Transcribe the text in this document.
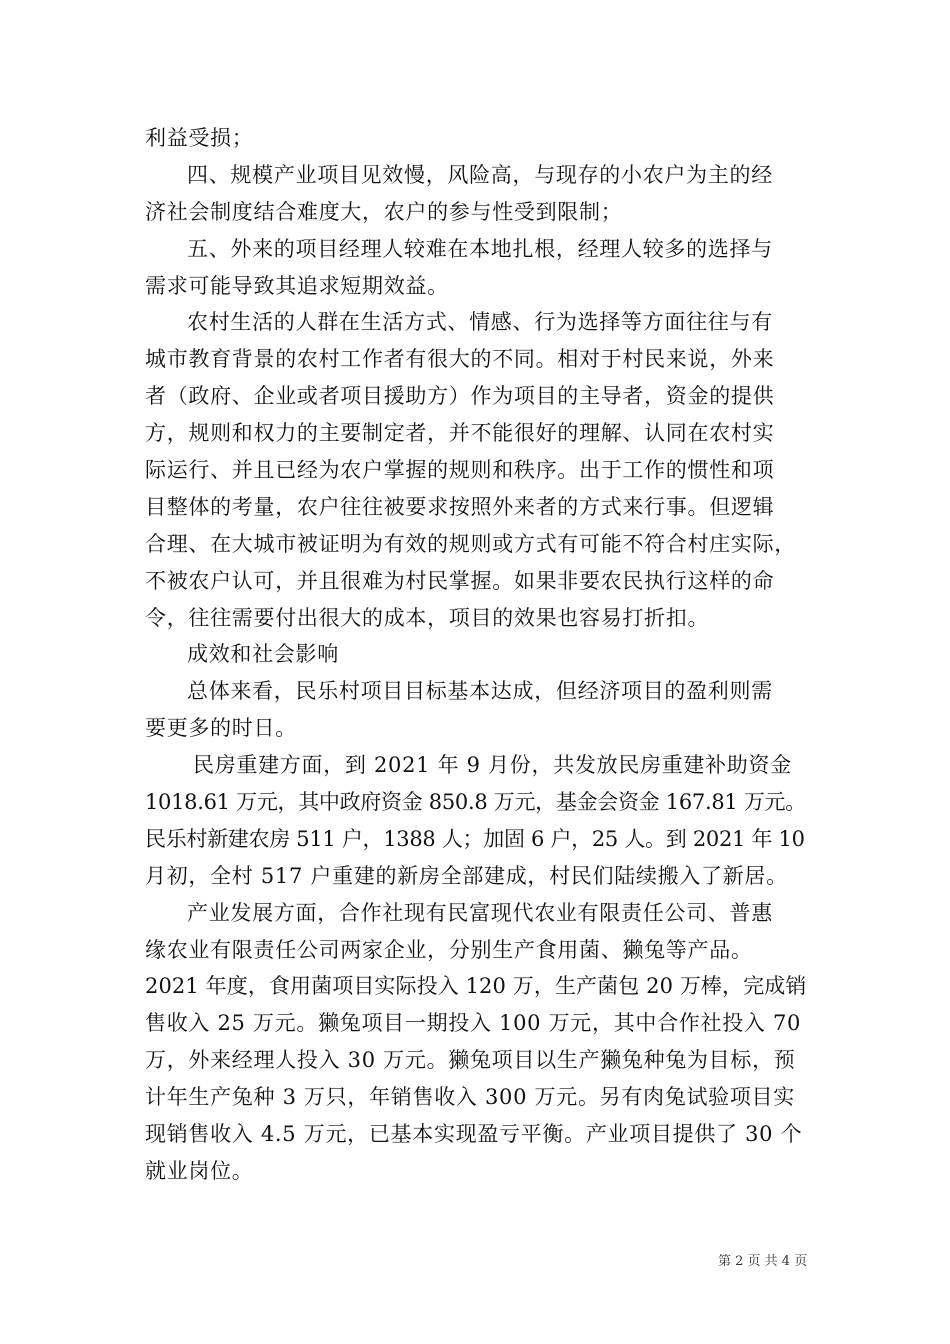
利益受损；
四、规模产业项目见效慢，风险高，与现存的小农户为主的经
济社会制度结合难度大，农户的参与性受到限制；
五、外来的项目经理人较难在本地扎根，经理人较多的选择与
需求可能导致其追求短期效益。
农村生活的人群在生活方式、情感、行为选择等方面往往与有
城市教育背景的农村工作者有很大的不同。相对于村民来说，外来
者（政府、企业或者项目援助方）作为项目的主导者，资金的提供
方，规则和权力的主要制定者，并不能很好的理解、认同在农村实
际运行、并且已经为农户掌握的规则和秩序。出于工作的惯性和项
目整体的考量，农户往往被要求按照外来者的方式来行事。但逻辑
合理、在大城市被证明为有效的规则或方式有可能不符合村庄实际，
不被农户认可，并且很难为村民掌握。如果非要农民执行这样的命
令，往往需要付出很大的成本，项目的效果也容易打折扣。
成效和社会影响
总体来看，民乐村项目目标基本达成，但经济项目的盈利则需
要更多的时日。
民房重建方面，到 2021 年 9 月份，共发放民房重建补助资金
1018.61 万元，其中政府资金 850.8 万元，基金会资金 167.81 万元。
民乐村新建农房 511 户，1388 人；加固 6 户，25 人。到 2021 年 10
月初，全村 517 户重建的新房全部建成，村民们陆续搬入了新居。
产业发展方面，合作社现有民富现代农业有限责任公司、普惠
缘农业有限责任公司两家企业，分别生产食用菌、獭兔等产品。
2021 年度，食用菌项目实际投入 120 万，生产菌包 20 万棒，完成销
售收入 25 万元。獭兔项目一期投入 100 万元，其中合作社投入 70
万，外来经理人投入 30 万元。獭兔项目以生产獭兔种兔为目标，预
计年生产兔种 3 万只，年销售收入 300 万元。另有肉兔试验项目实
现销售收入 4.5 万元，已基本实现盈亏平衡。产业项目提供了 30 个
就业岗位。
第 2 页 共 4 页
